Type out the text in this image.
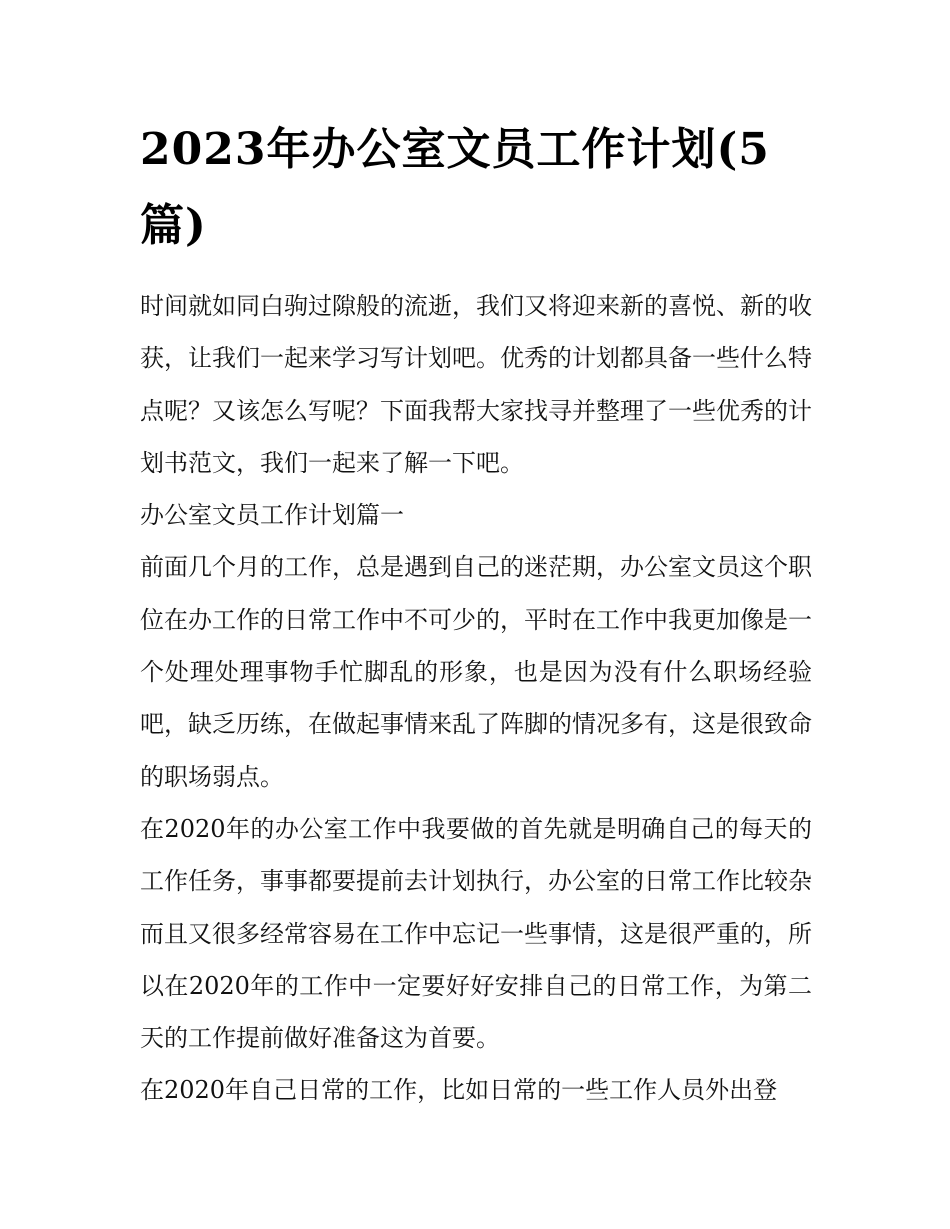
2023年办公室文员工作计划(5篇)

时间就如同白驹过隙般的流逝，我们又将迎来新的喜悦、新的收获，让我们一起来学习写计划吧。优秀的计划都具备一些什么特点呢？又该怎么写呢？下面我帮大家找寻并整理了一些优秀的计划书范文，我们一起来了解一下吧。

办公室文员工作计划篇一

前面几个月的工作，总是遇到自己的迷茫期，办公室文员这个职位在办工作的日常工作中不可少的，平时在工作中我更加像是一个处理处理事物手忙脚乱的形象，也是因为没有什么职场经验吧，缺乏历练，在做起事情来乱了阵脚的情况多有，这是很致命的职场弱点。

在2020年的办公室工作中我要做的首先就是明确自己的每天的工作任务，事事都要提前去计划执行，办公室的日常工作比较杂而且又很多经常容易在工作中忘记一些事情，这是很严重的，所以在2020年的工作中一定要好好安排自己的日常工作，为第二天的工作提前做好准备这为首要。

在2020年自己日常的工作，比如日常的一些工作人员外出登
